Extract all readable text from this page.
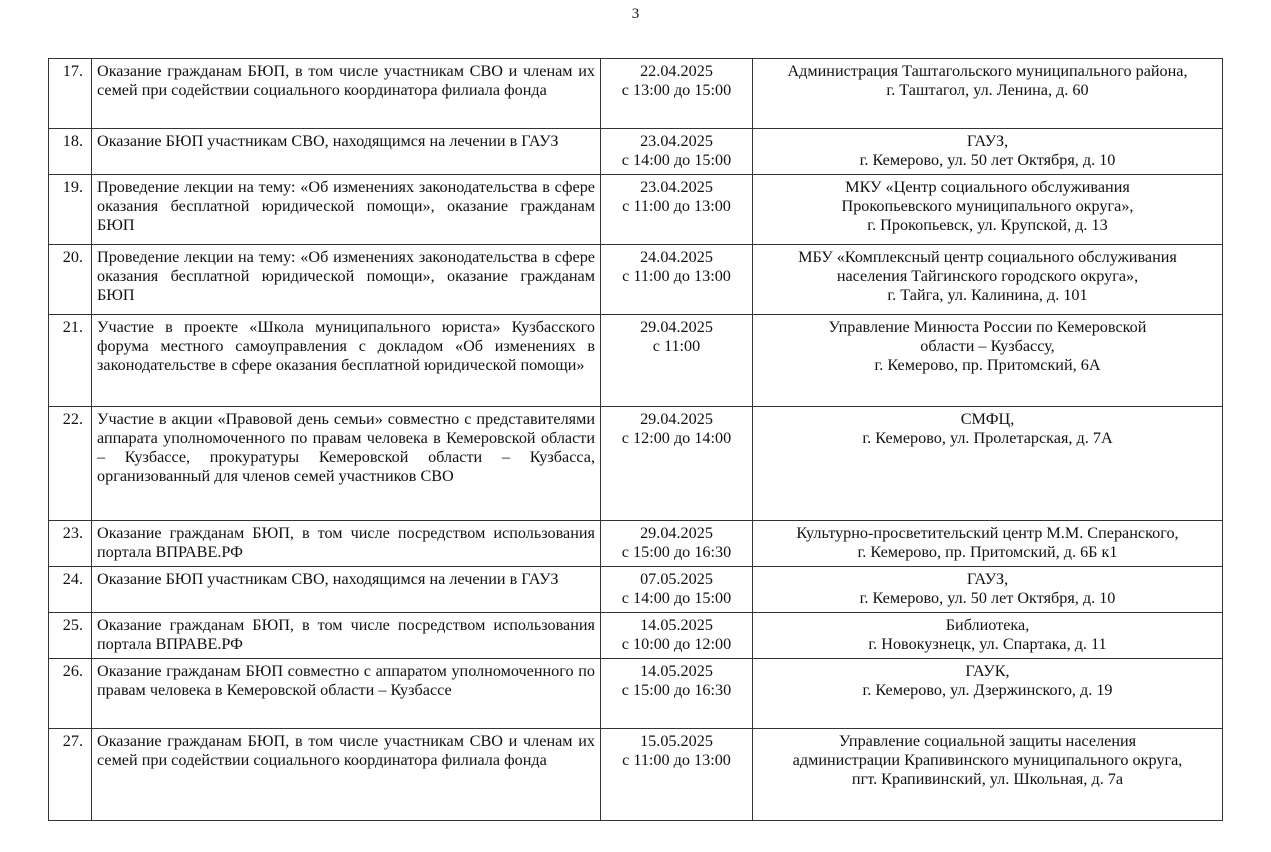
3
17.	Оказание гражданам БЮП, в том числе участникам СВО и членам их семей при содействии социального координатора филиала фонда	22.04.2025
с 13:00 до 15:00	Администрация Таштагольского муниципального района,
г. Таштагол, ул. Ленина, д. 60

18.	Оказание БЮП участникам СВО, находящимся на лечении в ГАУЗ	23.04.2025
с 14:00 до 15:00	ГАУЗ,
г. Кемерово, ул. 50 лет Октября, д. 10

19.	Проведение лекции на тему: «Об изменениях законодательства в сфере оказания бесплатной юридической помощи», оказание гражданам БЮП	23.04.2025
с 11:00 до 13:00	МКУ «Центр социального обслуживания
Прокопьевского муниципального округа»,
г. Прокопьевск, ул. Крупской, д. 13

20.	Проведение лекции на тему: «Об изменениях законодательства в сфере оказания бесплатной юридической помощи», оказание гражданам БЮП	24.04.2025
с 11:00 до 13:00	МБУ «Комплексный центр социального обслуживания
населения Тайгинского городского округа»,
г. Тайга, ул. Калинина, д. 101

21.	Участие в проекте «Школа муниципального юриста» Кузбасского форума местного самоуправления с докладом «Об изменениях в законодательстве в сфере оказания бесплатной юридической помощи»	29.04.2025
с 11:00	Управление Минюста России по Кемеровской
области – Кузбассу,
г. Кемерово, пр. Притомский, 6А

22.	Участие в акции «Правовой день семьи» совместно с представителями аппарата уполномоченного по правам человека в Кемеровской области – Кузбассе, прокуратуры Кемеровской области – Кузбасса, организованный для членов семей участников СВО	29.04.2025
с 12:00 до 14:00	СМФЦ,
г. Кемерово, ул. Пролетарская, д. 7А

23.	Оказание гражданам БЮП, в том числе посредством использования портала ВПРАВЕ.РФ	29.04.2025
с 15:00 до 16:30	Культурно-просветительский центр М.М. Сперанского,
г. Кемерово, пр. Притомский, д. 6Б к1

24.	Оказание БЮП участникам СВО, находящимся на лечении в ГАУЗ	07.05.2025
с 14:00 до 15:00	ГАУЗ,
г. Кемерово, ул. 50 лет Октября, д. 10

25.	Оказание гражданам БЮП, в том числе посредством использования портала ВПРАВЕ.РФ	14.05.2025
с 10:00 до 12:00	Библиотека,
г. Новокузнецк, ул. Спартака, д. 11

26.	Оказание гражданам БЮП совместно с аппаратом уполномоченного по правам человека в Кемеровской области – Кузбассе	14.05.2025
с 15:00 до 16:30	ГАУК,
г. Кемерово, ул. Дзержинского, д. 19

27.	Оказание гражданам БЮП, в том числе участникам СВО и членам их семей при содействии социального координатора филиала фонда	15.05.2025
с 11:00 до 13:00	Управление социальной защиты населения
администрации Крапивинского муниципального округа,
пгт. Крапивинский, ул. Школьная, д. 7а
